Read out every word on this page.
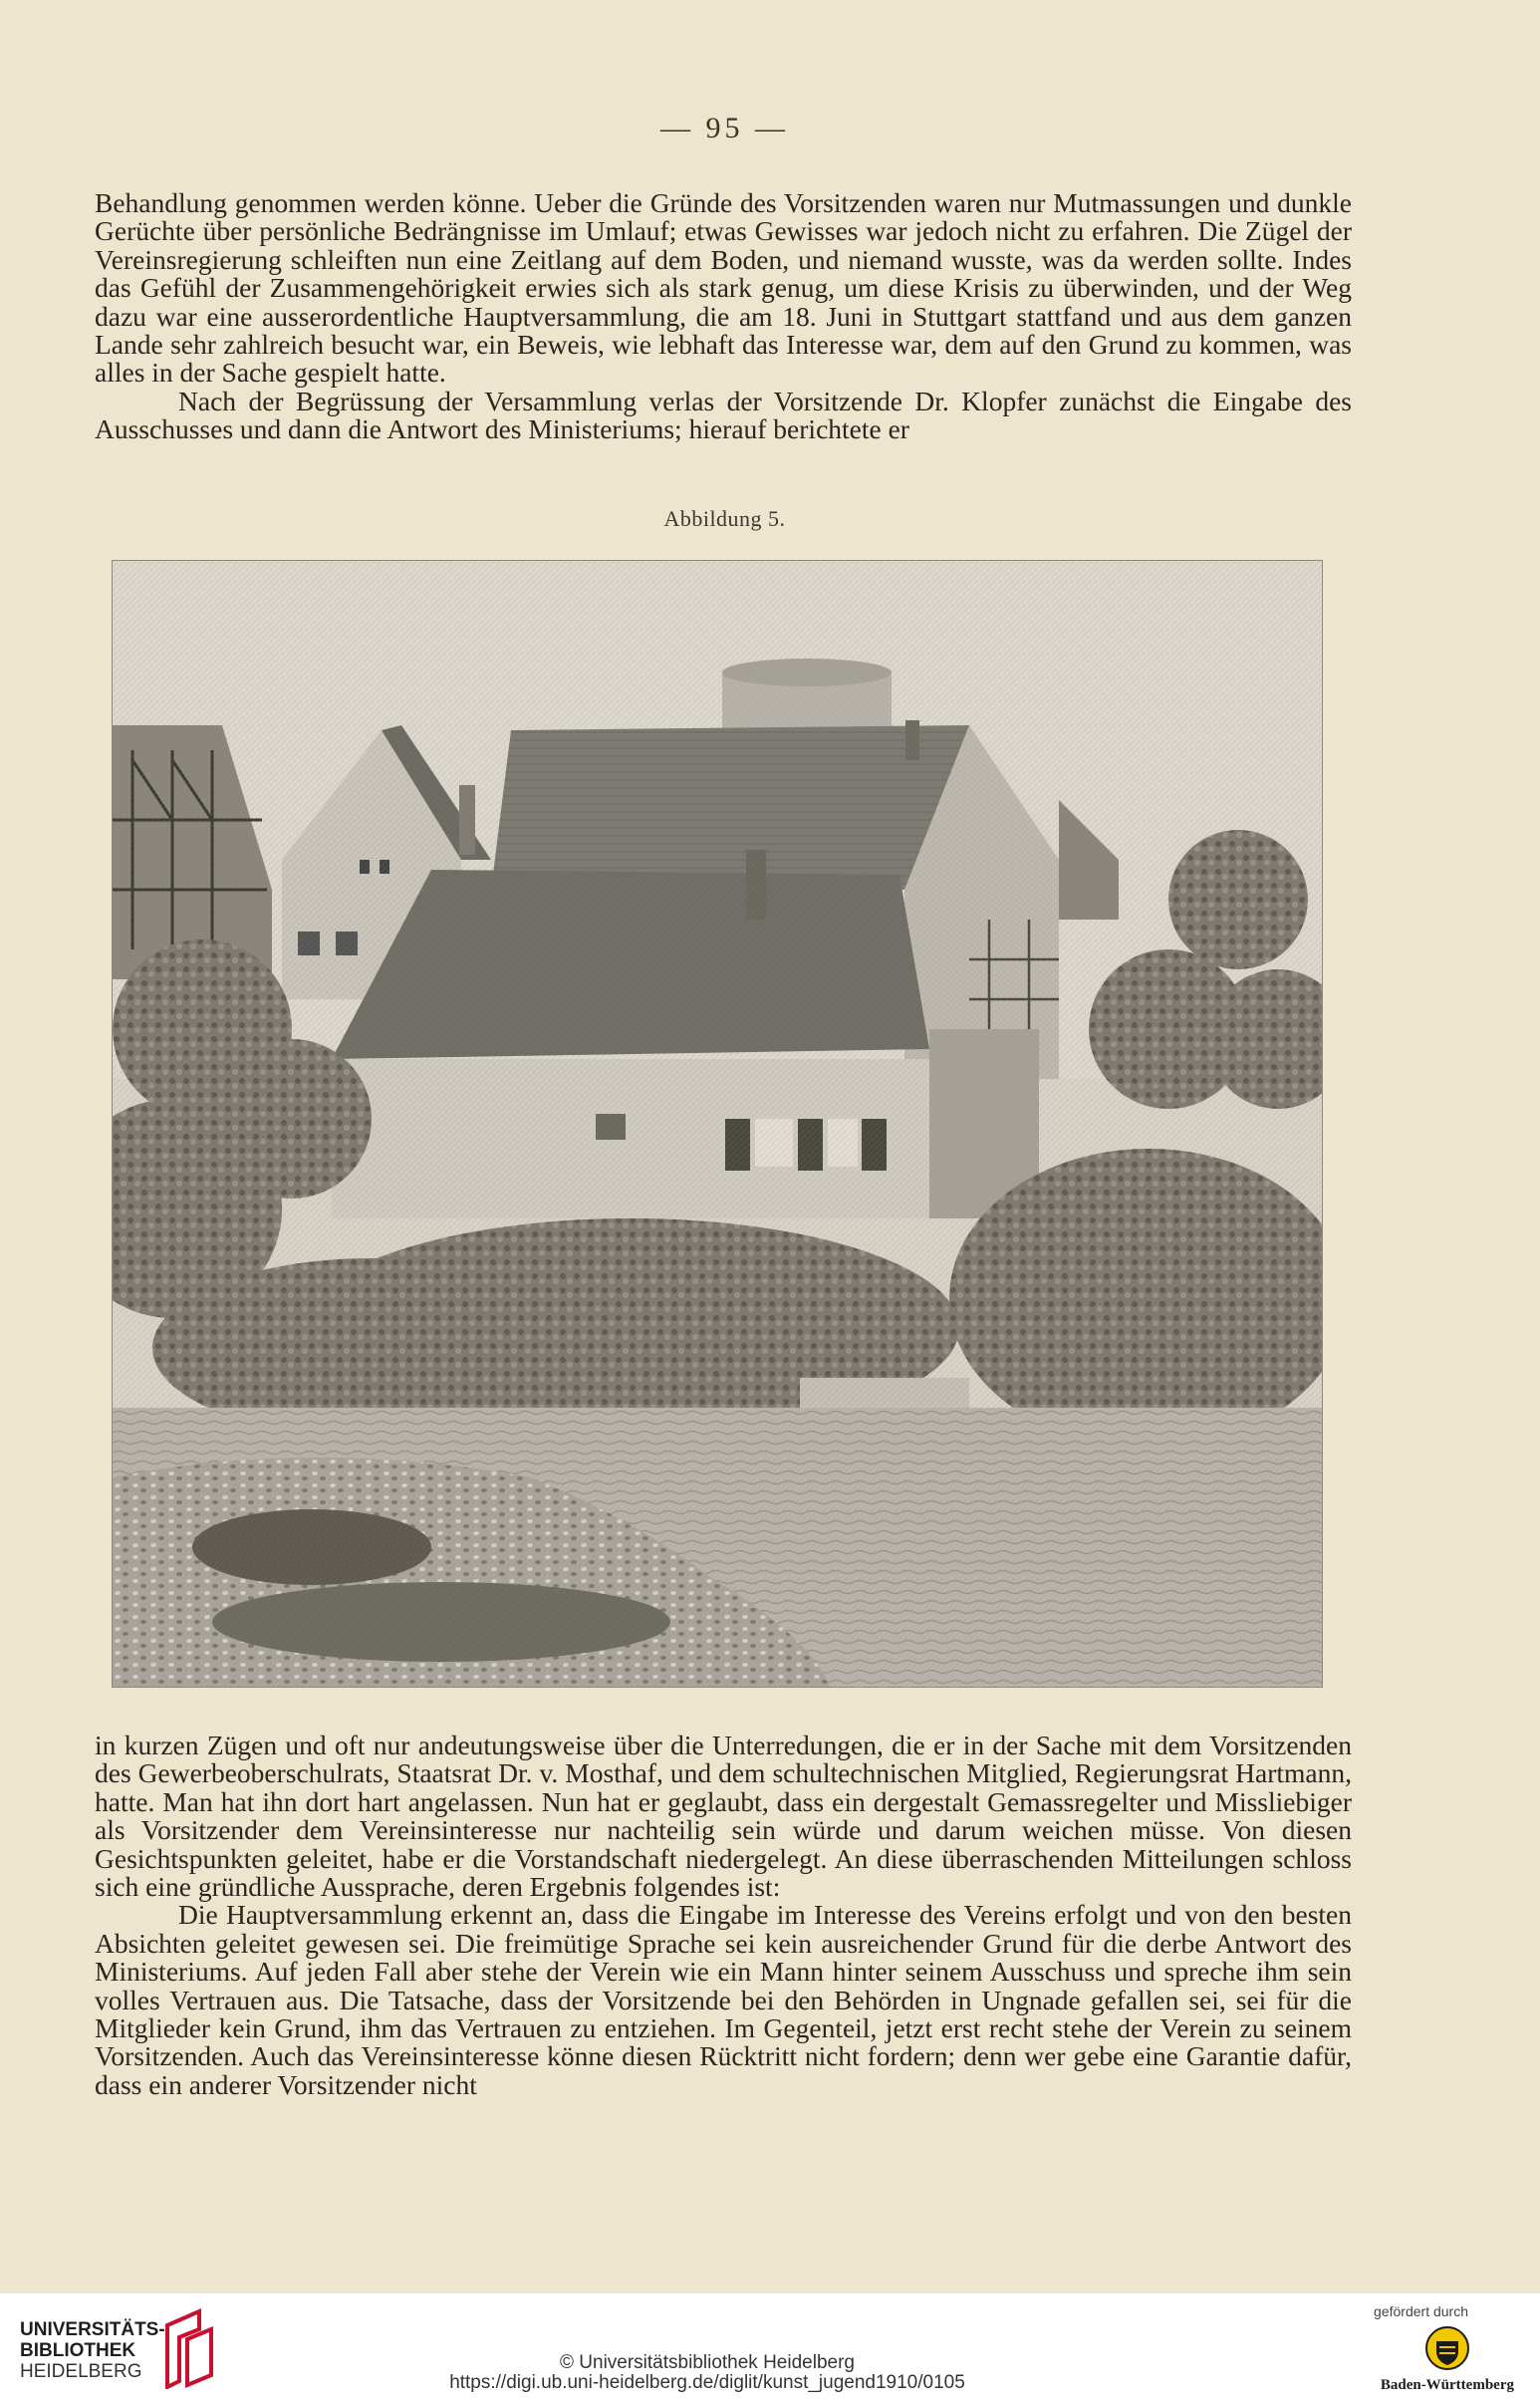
— 95 —

Behandlung genommen werden könne. Ueber die Gründe des Vorsitzenden waren nur Mutmassungen und dunkle Gerüchte über persönliche Bedrängnisse im Umlauf; etwas Gewisses war jedoch nicht zu erfahren. Die Zügel der Vereinsregierung schleiften nun eine Zeitlang auf dem Boden, und niemand wusste, was da werden sollte. Indes das Gefühl der Zusammengehörigkeit erwies sich als stark genug, um diese Krisis zu überwinden, und der Weg dazu war eine ausserordentliche Hauptversammlung, die am 18. Juni in Stuttgart stattfand und aus dem ganzen Lande sehr zahlreich besucht war, ein Beweis, wie lebhaft das Interesse war, dem auf den Grund zu kommen, was alles in der Sache gespielt hatte.

Nach der Begrüssung der Versammlung verlas der Vorsitzende Dr. Klopfer zunächst die Eingabe des Ausschusses und dann die Antwort des Ministeriums; hierauf berichtete er

Abbildung 5.

in kurzen Zügen und oft nur andeutungsweise über die Unterredungen, die er in der Sache mit dem Vorsitzenden des Gewerbeoberschulrats, Staatsrat Dr. v. Mosthaf, und dem schultechnischen Mitglied, Regierungsrat Hartmann, hatte. Man hat ihn dort hart angelassen. Nun hat er geglaubt, dass ein dergestalt Gemassregelter und Missliebiger als Vorsitzender dem Vereinsinteresse nur nachteilig sein würde und darum weichen müsse. Von diesen Gesichtspunkten geleitet, habe er die Vorstandschaft niedergelegt. An diese überraschenden Mitteilungen schloss sich eine gründliche Aussprache, deren Ergebnis folgendes ist:

Die Hauptversammlung erkennt an, dass die Eingabe im Interesse des Vereins erfolgt und von den besten Absichten geleitet gewesen sei. Die freimütige Sprache sei kein ausreichender Grund für die derbe Antwort des Ministeriums. Auf jeden Fall aber stehe der Verein wie ein Mann hinter seinem Ausschuss und spreche ihm sein volles Vertrauen aus. Die Tatsache, dass der Vorsitzende bei den Behörden in Ungnade gefallen sei, sei für die Mitglieder kein Grund, ihm das Vertrauen zu entziehen. Im Gegenteil, jetzt erst recht stehe der Verein zu seinem Vorsitzenden. Auch das Vereinsinteresse könne diesen Rücktritt nicht fordern; denn wer gebe eine Garantie dafür, dass ein anderer Vorsitzender nicht

UNIVERSITÄTS-
BIBLIOTHEK
HEIDELBERG	© Universitätsbibliothek Heidelberg
https://digi.ub.uni-heidelberg.de/diglit/kunst_jugend1910/0105
gefördert durch
Baden-Württemberg
